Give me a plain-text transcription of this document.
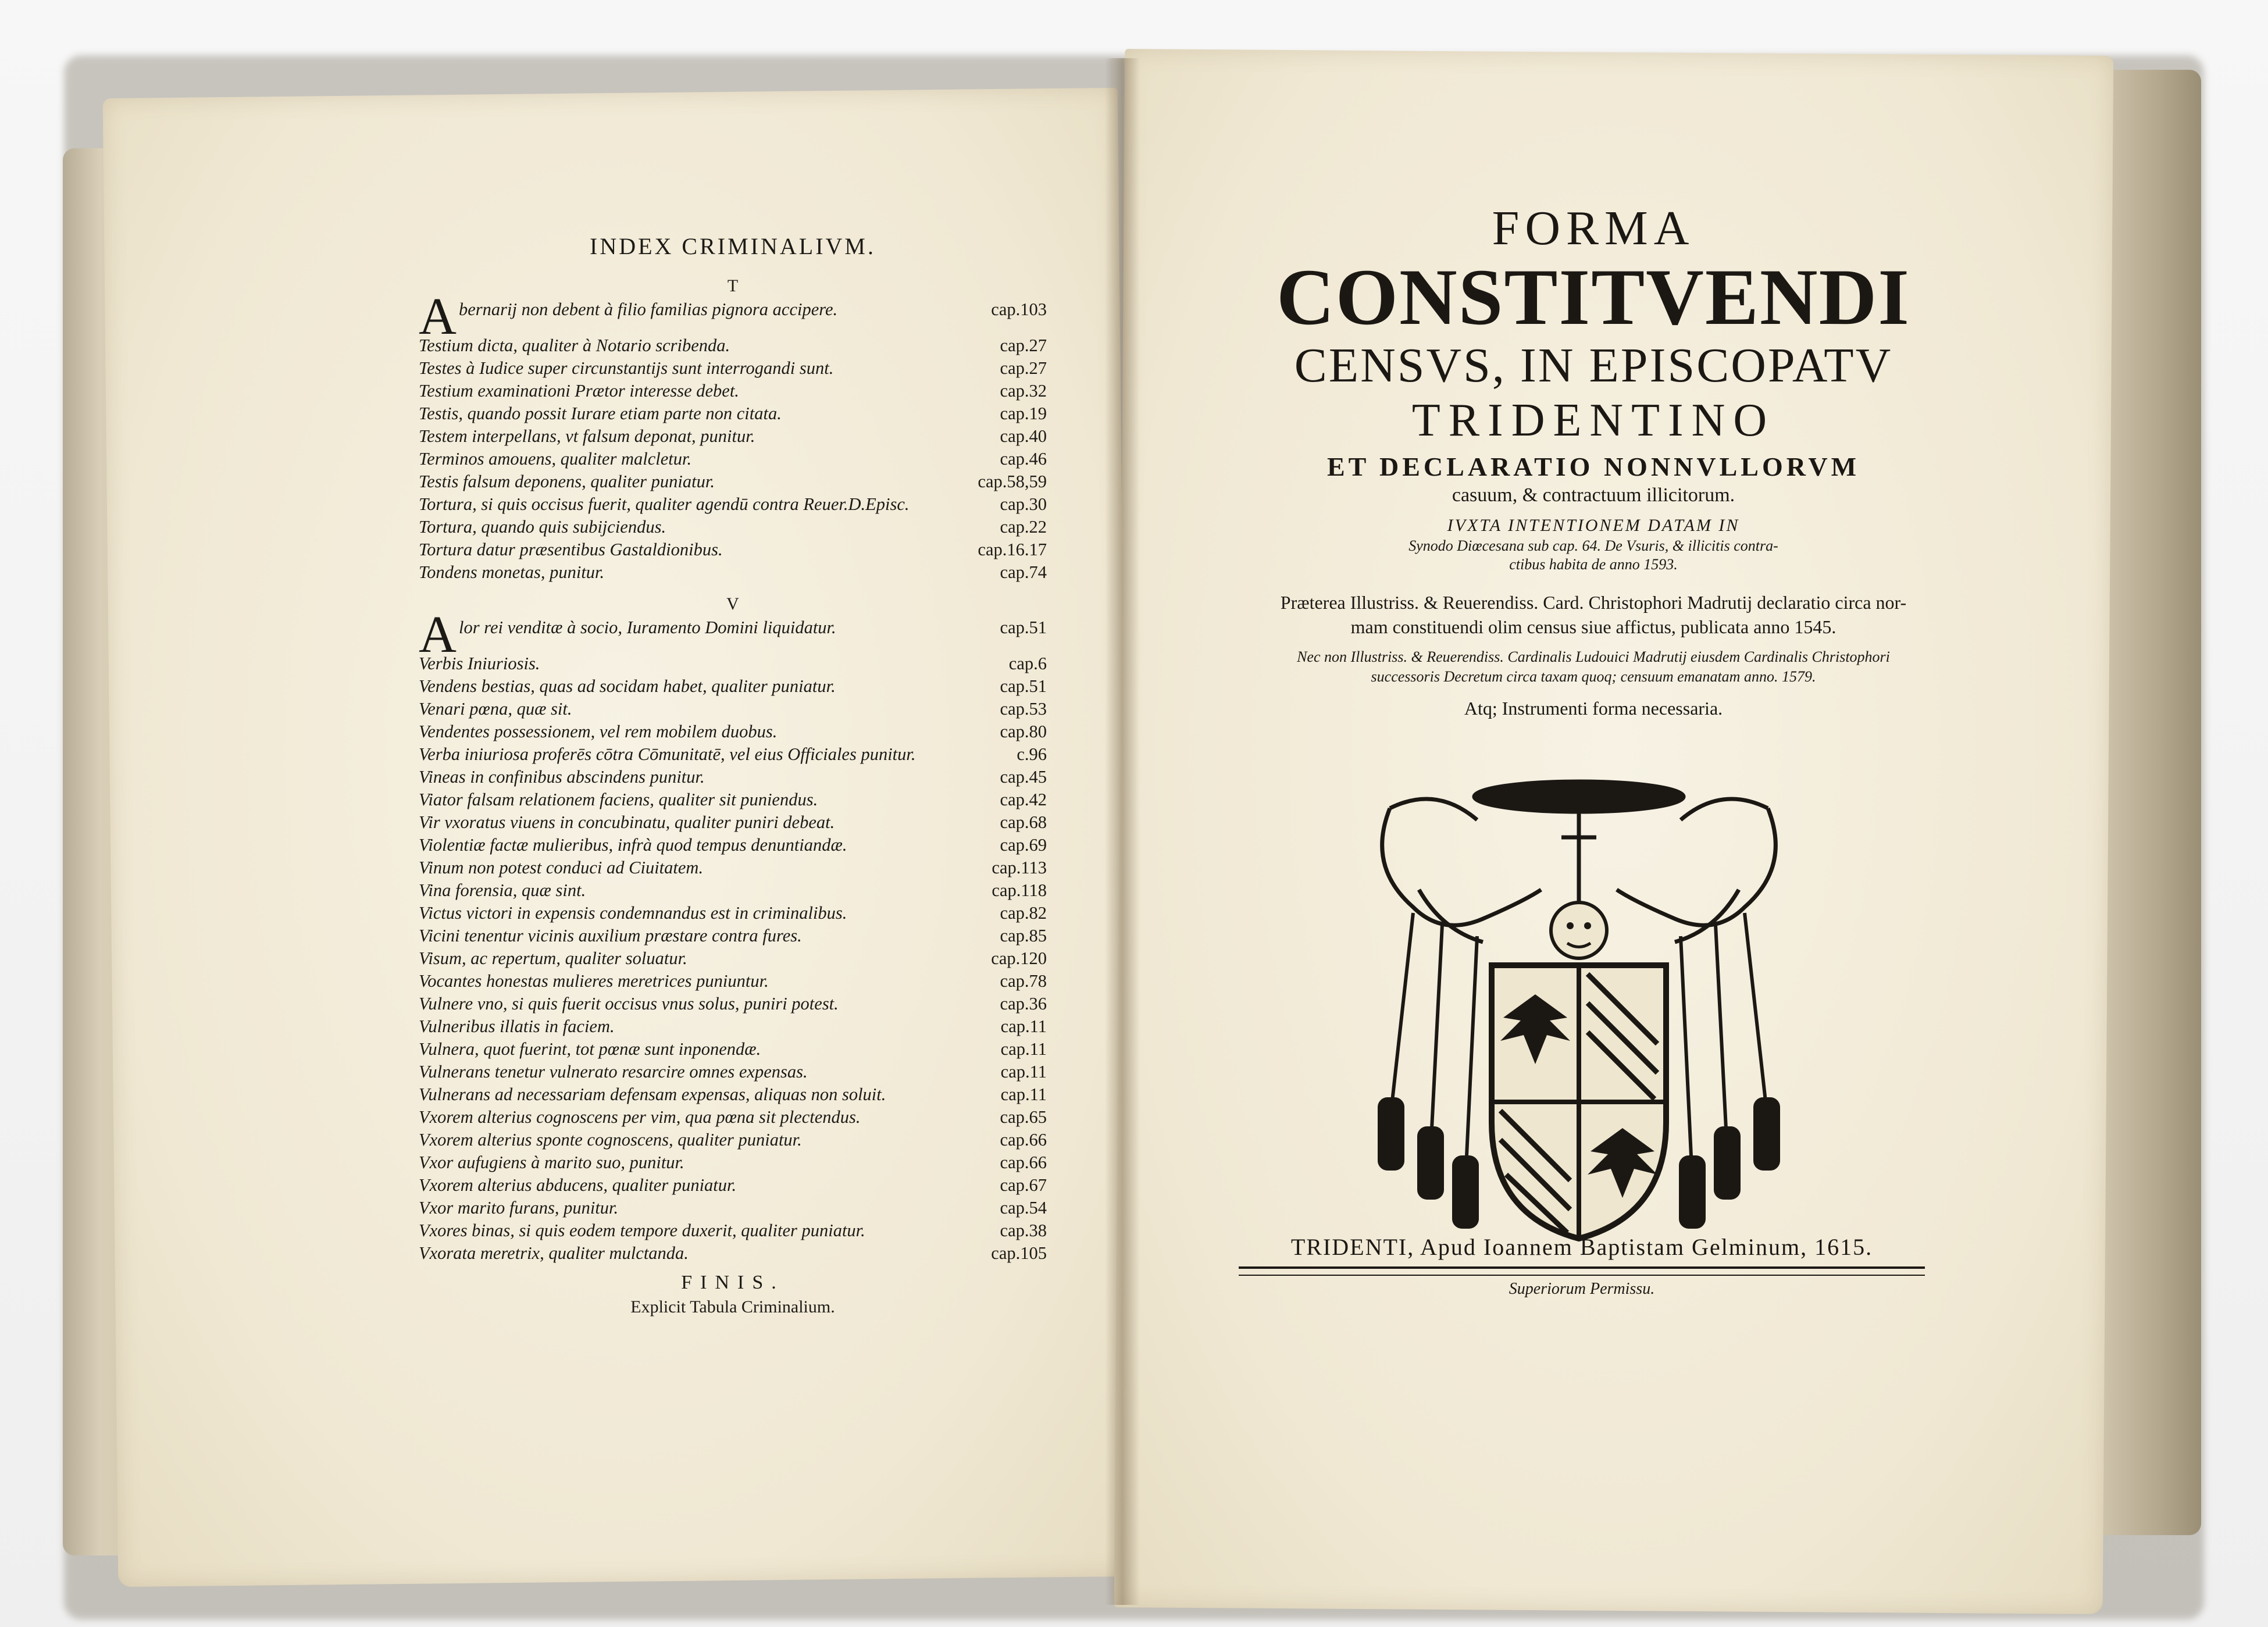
INDEX CRIMINALIVM.
T
Abernarij non debent à filio familias pignora accipere.	cap.103
Testium dicta, qualiter à Notario scribenda.	cap.27
Testes à Iudice super circunstantijs sunt interrogandi sunt.	cap.27
Testium examinationi Prætor interesse debet.	cap.32
Testis, quando possit Iurare etiam parte non citata.	cap.19
Testem interpellans, vt falsum deponat, punitur.	cap.40
Terminos amouens, qualiter malcletur.	cap.46
Testis falsum deponens, qualiter puniatur.	cap.58,59
Tortura, si quis occisus fuerit, qualiter agendū contra Reuer.D.Episc.	cap.30
Tortura, quando quis subijciendus.	cap.22
Tortura datur præsentibus Gastaldionibus.	cap.16.17
Tondens monetas, punitur.	cap.74
V
Alor rei venditæ à socio, Iuramento Domini liquidatur.	cap.51
Verbis Iniuriosis.	cap.6
Vendens bestias, quas ad socidam habet, qualiter puniatur.	cap.51
Venari pœna, quæ sit.	cap.53
Vendentes possessionem, vel rem mobilem duobus.	cap.80
Verba iniuriosa proferēs cōtra Cōmunitatē, vel eius Officiales punitur.	c.96
Vineas in confinibus abscindens punitur.	cap.45
Viator falsam relationem faciens, qualiter sit puniendus.	cap.42
Vir vxoratus viuens in concubinatu, qualiter puniri debeat.	cap.68
Violentiæ factæ mulieribus, infrà quod tempus denuntiandæ.	cap.69
Vinum non potest conduci ad Ciuitatem.	cap.113
Vina forensia, quæ sint.	cap.118
Victus victori in expensis condemnandus est in criminalibus.	cap.82
Vicini tenentur vicinis auxilium præstare contra fures.	cap.85
Visum, ac repertum, qualiter soluatur.	cap.120
Vocantes honestas mulieres meretrices puniuntur.	cap.78
Vulnere vno, si quis fuerit occisus vnus solus, puniri potest.	cap.36
Vulneribus illatis in faciem.	cap.11
Vulnera, quot fuerint, tot pœnæ sunt inponendæ.	cap.11
Vulnerans tenetur vulnerato resarcire omnes expensas.	cap.11
Vulnerans ad necessariam defensam expensas, aliquas non soluit.	cap.11
Vxorem alterius cognoscens per vim, qua pœna sit plectendus.	cap.65
Vxorem alterius sponte cognoscens, qualiter puniatur.	cap.66
Vxor aufugiens à marito suo, punitur.	cap.66
Vxorem alterius abducens, qualiter puniatur.	cap.67
Vxor marito furans, punitur.	cap.54
Vxores binas, si quis eodem tempore duxerit, qualiter puniatur.	cap.38
Vxorata meretrix, qualiter mulctanda.	cap.105
FINIS.
Explicit Tabula Criminalium.
FORMA
CONSTITVENDI
CENSVS, IN EPISCOPATV
TRIDENTINO
ET DECLARATIO NONNVLLORVM
casuum, & contractuum illicitorum.
IVXTA INTENTIONEM DATAM IN
Synodo Diœcesana sub cap. 64. De Vsuris, & illicitis contra-
ctibus habita de anno 1593.
Præterea Illustriss. & Reuerendiss. Card. Christophori Madrutij declaratio circa nor-
mam constituendi olim census siue affictus, publicata anno 1545.
Nec non Illustriss. & Reuerendiss. Cardinalis Ludouici Madrutij eiusdem Cardinalis Christophori
successoris Decretum circa taxam quoq; censuum emanatam anno. 1579.
Atq; Instrumenti forma necessaria.
TRIDENTI, Apud Ioannem Baptistam Gelminum, 1615.
Superiorum Permissu.
